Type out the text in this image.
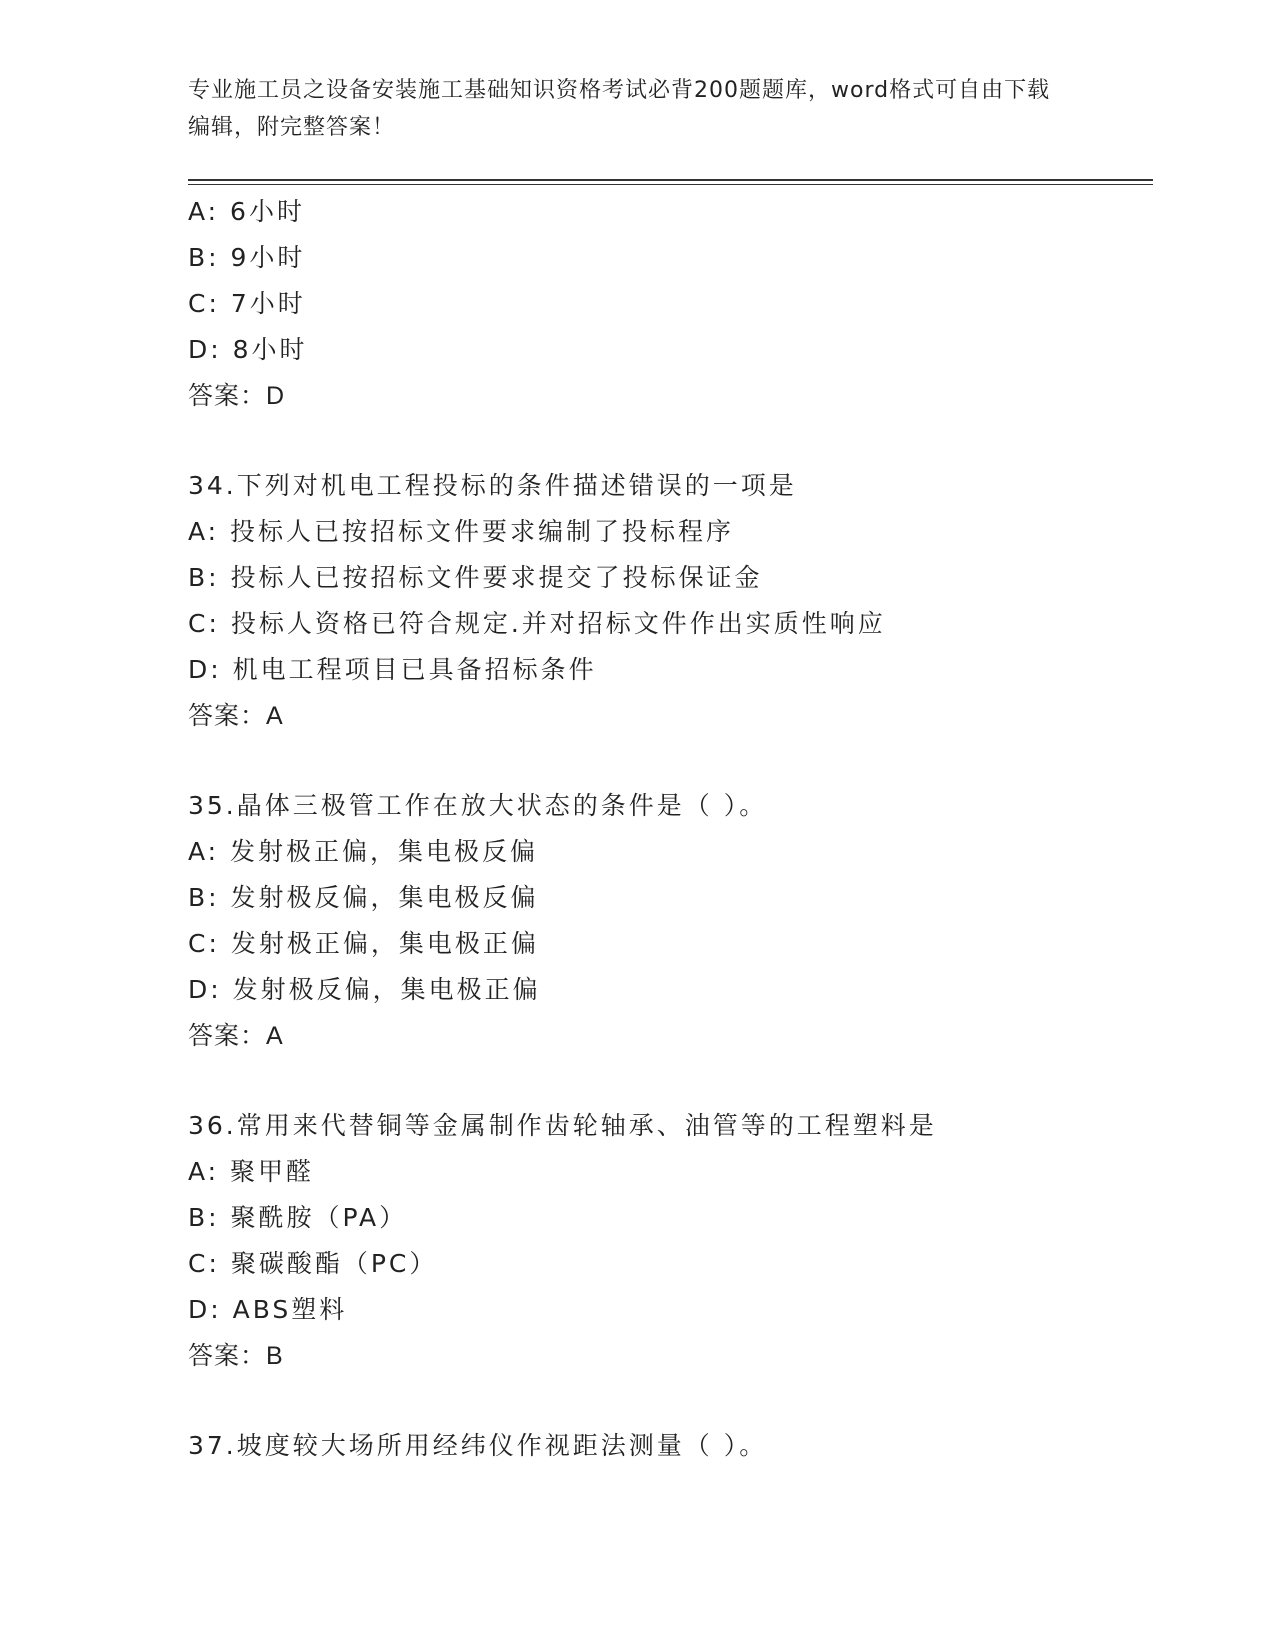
专业施工员之设备安装施工基础知识资格考试必背200题题库，word格式可自由下载编辑，附完整答案！
A: 6小时
B: 9小时
C: 7小时
D: 8小时
答案：D
34.下列对机电工程投标的条件描述错误的一项是
A: 投标人已按招标文件要求编制了投标程序
B: 投标人已按招标文件要求提交了投标保证金
C: 投标人资格已符合规定.并对招标文件作出实质性响应
D: 机电工程项目已具备招标条件
答案：A
35.晶体三极管工作在放大状态的条件是（ ）。
A: 发射极正偏，集电极反偏
B: 发射极反偏，集电极反偏
C: 发射极正偏，集电极正偏
D: 发射极反偏，集电极正偏
答案：A
36.常用来代替铜等金属制作齿轮轴承、油管等的工程塑料是
A: 聚甲醛
B: 聚酰胺（PA）
C: 聚碳酸酯（PC）
D: ABS塑料
答案：B
37.坡度较大场所用经纬仪作视距法测量（ ）。
